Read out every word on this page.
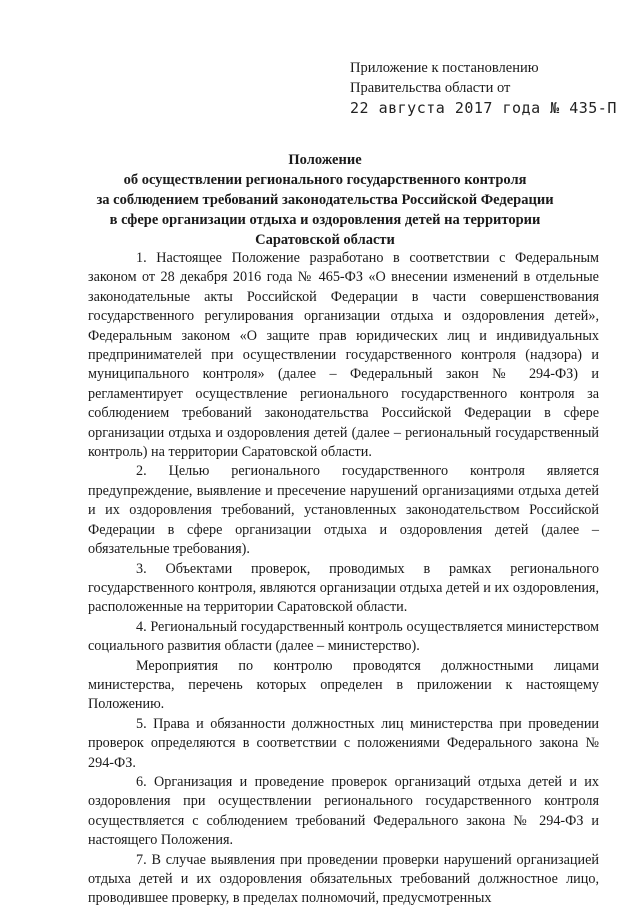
Приложение к постановлению
Правительства области от
22 августа 2017 года № 435-П
Положение
об осуществлении регионального государственного контроля
за соблюдением требований законодательства Российской Федерации
в сфере организации отдыха и оздоровления детей на территории
Саратовской области

1. Настоящее Положение разработано в соответствии с Федеральным законом от 28 декабря 2016 года № 465-ФЗ «О внесении изменений в отдельные законодательные акты Российской Федерации в части совершенствования государственного регулирования организации отдыха и оздоровления детей», Федеральным законом «О защите прав юридических лиц и индивидуальных предпринимателей при осуществлении государственного контроля (надзора) и муниципального контроля» (далее – Федеральный закон № 294-ФЗ) и регламентирует осуществление регионального государственного контроля за соблюдением требований законодательства Российской Федерации в сфере организации отдыха и оздоровления детей (далее – региональный государственный контроль) на территории Саратовской области.

2. Целью регионального государственного контроля является предупреждение, выявление и пресечение нарушений организациями отдыха детей и их оздоровления требований, установленных законодательством Российской Федерации в сфере организации отдыха и оздоровления детей (далее – обязательные требования).

3. Объектами проверок, проводимых в рамках регионального государственного контроля, являются организации отдыха детей и их оздоровления, расположенные на территории Саратовской области.

4. Региональный государственный контроль осуществляется министерством социального развития области (далее – министерство).

Мероприятия по контролю проводятся должностными лицами министерства, перечень которых определен в приложении к настоящему Положению.

5. Права и обязанности должностных лиц министерства при проведении проверок определяются в соответствии с положениями Федерального закона № 294-ФЗ.

6. Организация и проведение проверок организаций отдыха детей и их оздоровления при осуществлении регионального государственного контроля осуществляется с соблюдением требований Федерального закона № 294-ФЗ и настоящего Положения.

7. В случае выявления при проведении проверки нарушений организацией отдыха детей и их оздоровления обязательных требований должностное лицо, проводившее проверку, в пределах полномочий, предусмотренных
